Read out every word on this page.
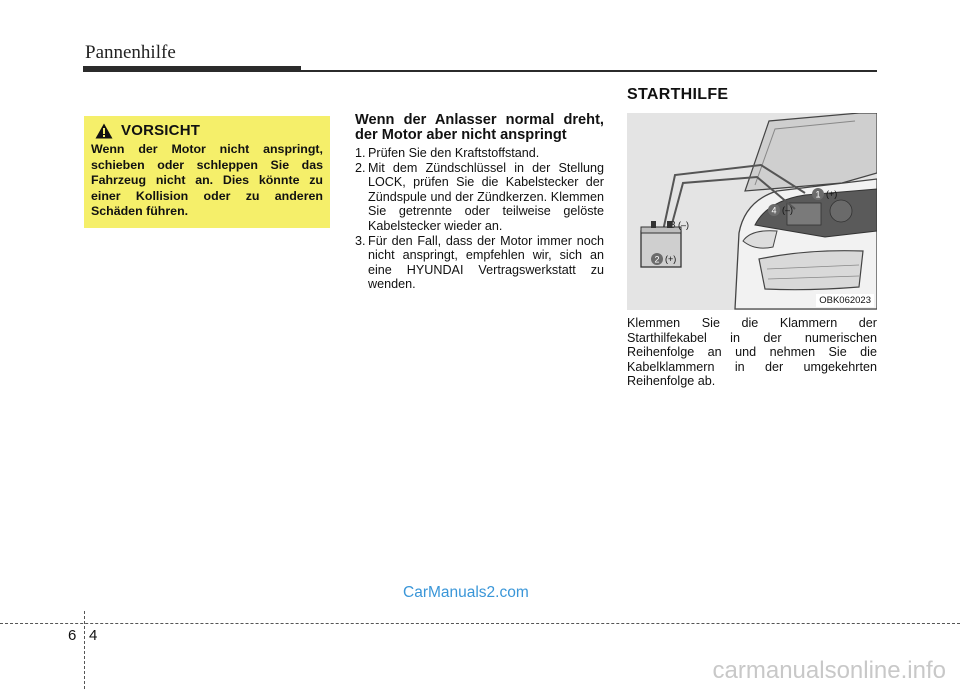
Pannenhilfe
VORSICHT
Wenn der Motor nicht anspringt, schieben oder schleppen Sie das Fahrzeug nicht an. Dies könnte zu einer Kollision oder zu anderen Schäden führen.
Wenn der Anlasser normal dreht, der Motor aber nicht anspringt
1. Prüfen Sie den Kraftstoffstand.
2. Mit dem Zündschlüssel in der Stellung LOCK, prüfen Sie die Kabelstecker der Zündspule und der Zündkerzen. Klemmen Sie getrennte oder teilweise gelöste Kabelstecker wieder an.
3. Für den Fall, dass der Motor immer noch nicht anspringt, empfehlen wir, sich an eine HYUNDAI Vertragswerkstatt zu wenden.
STARTHILFE
1 (+)
2 (+)
3 (–)
4 (–)
OBK062023
Klemmen Sie die Klammern der Starthilfekabel in der numerischen Reihenfolge an und nehmen Sie die Kabelklammern in der umgekehrten Reihenfolge ab.
CarManuals2.com
6 4
carmanualsonline.info
